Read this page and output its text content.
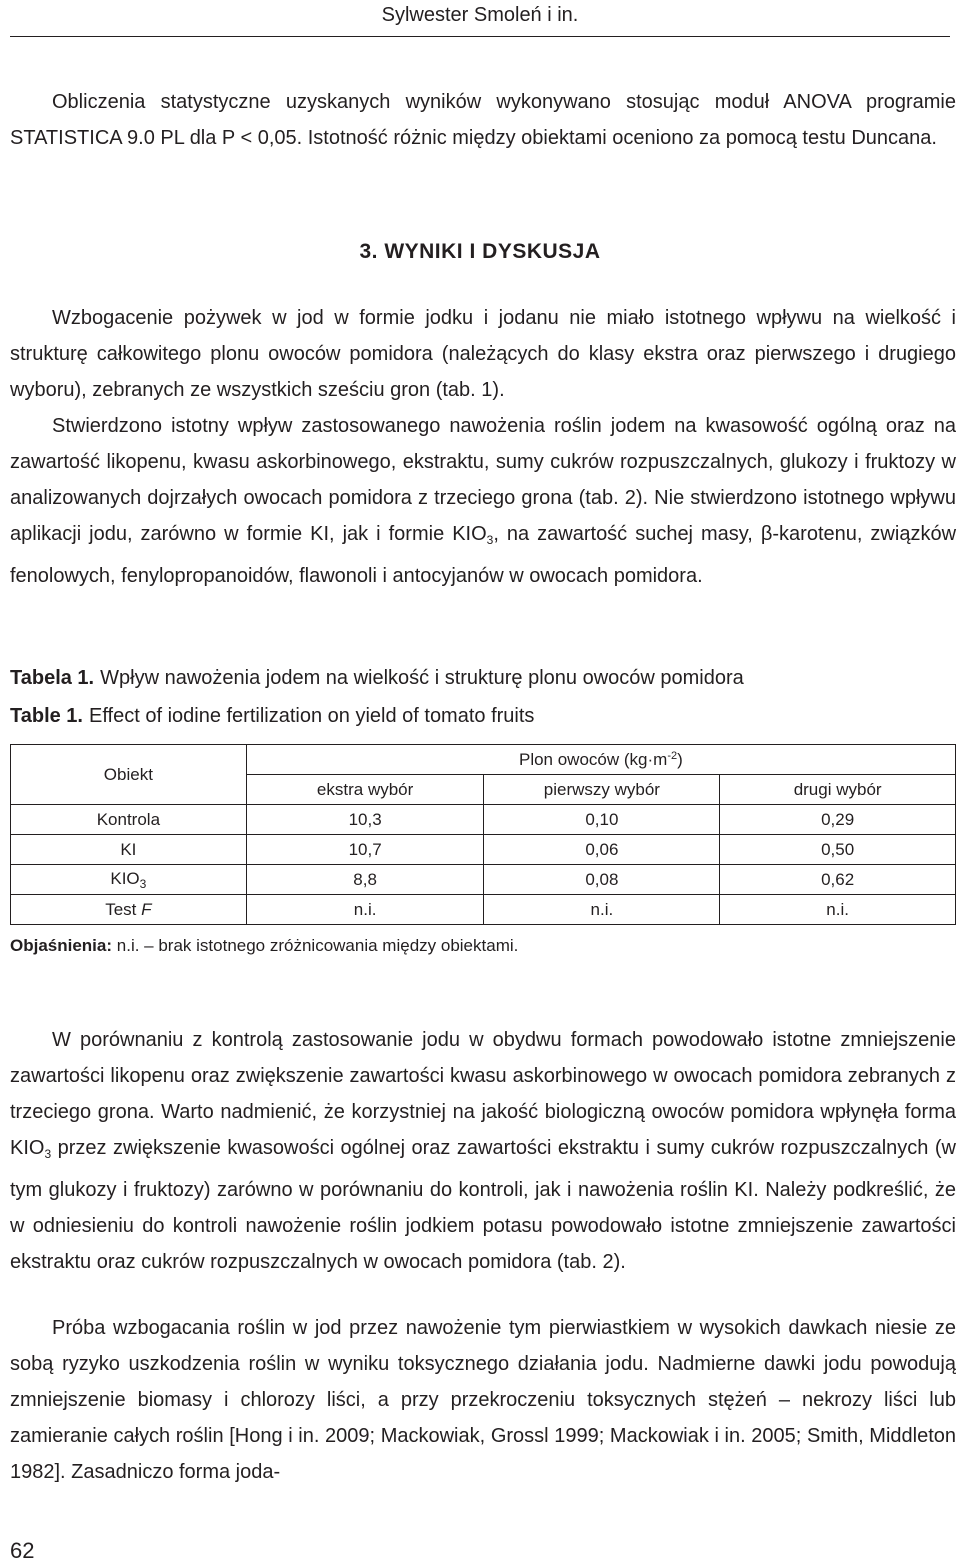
Sylwester Smoleń i in.

Obliczenia statystyczne uzyskanych wyników wykonywano stosując moduł ANOVA programie STATISTICA 9.0 PL dla P < 0,05. Istotność różnic między obiektami oceniono za pomocą testu Duncana.

3. WYNIKI I DYSKUSJA

Wzbogacenie pożywek w jod w formie jodku i jodanu nie miało istotnego wpływu na wielkość i strukturę całkowitego plonu owoców pomidora (należących do klasy ekstra oraz pierwszego i drugiego wyboru), zebranych ze wszystkich sześciu gron (tab. 1).

Stwierdzono istotny wpływ zastosowanego nawożenia roślin jodem na kwasowość ogólną oraz na zawartość likopenu, kwasu askorbinowego, ekstraktu, sumy cukrów rozpuszczalnych, glukozy i fruktozy w analizowanych dojrzałych owocach pomidora z trzeciego grona (tab. 2). Nie stwierdzono istotnego wpływu aplikacji jodu, zarówno w formie KI, jak i formie $KIO_3$, na zawartość suchej masy, β-karotenu, związków fenolowych, fenylopropanoidów, flawonoli i antocyjanów w owocach pomidora.

Tabela 1. Wpływ nawożenia jodem na wielkość i strukturę plonu owoców pomidora
Table 1. Effect of iodine fertilization on yield of tomato fruits
Obiekt	Plon owoców $(kg\cdot m^{-2})$		
	ekstra wybór	pierwszy wybór	drugi wybór
Kontrola	10,3	0,10	0,29
KI	10,7	0,06	0,50
$KIO_3$	8,8	0,08	0,62
Test F	n.i.	n.i.	n.i.
Objaśnienia: n.i. – brak istotnego zróżnicowania między obiektami.

W porównaniu z kontrolą zastosowanie jodu w obydwu formach powodowało istotne zmniejszenie zawartości likopenu oraz zwiększenie zawartości kwasu askorbinowego w owocach pomidora zebranych z trzeciego grona. Warto nadmienić, że korzystniej na jakość biologiczną owoców pomidora wpłynęła forma $KIO_3$ przez zwiększenie kwasowości ogólnej oraz zawartości ekstraktu i sumy cukrów rozpuszczalnych (w tym glukozy i fruktozy) zarówno w porównaniu do kontroli, jak i nawożenia roślin KI. Należy podkreślić, że w odniesieniu do kontroli nawożenie roślin jodkiem potasu powodowało istotne zmniejszenie zawartości ekstraktu oraz cukrów rozpuszczalnych w owocach pomidora (tab. 2).

Próba wzbogacania roślin w jod przez nawożenie tym pierwiastkiem w wysokich dawkach niesie ze sobą ryzyko uszkodzenia roślin w wyniku toksycznego działania jodu. Nadmierne dawki jodu powodują zmniejszenie biomasy i chlorozy liści, a przy przekroczeniu toksycznych stężeń – nekrozy liści lub zamieranie całych roślin [Hong i in. 2009; Mackowiak, Grossl 1999; Mackowiak i in. 2005; Smith, Middleton 1982]. Zasadniczo forma joda-

62
